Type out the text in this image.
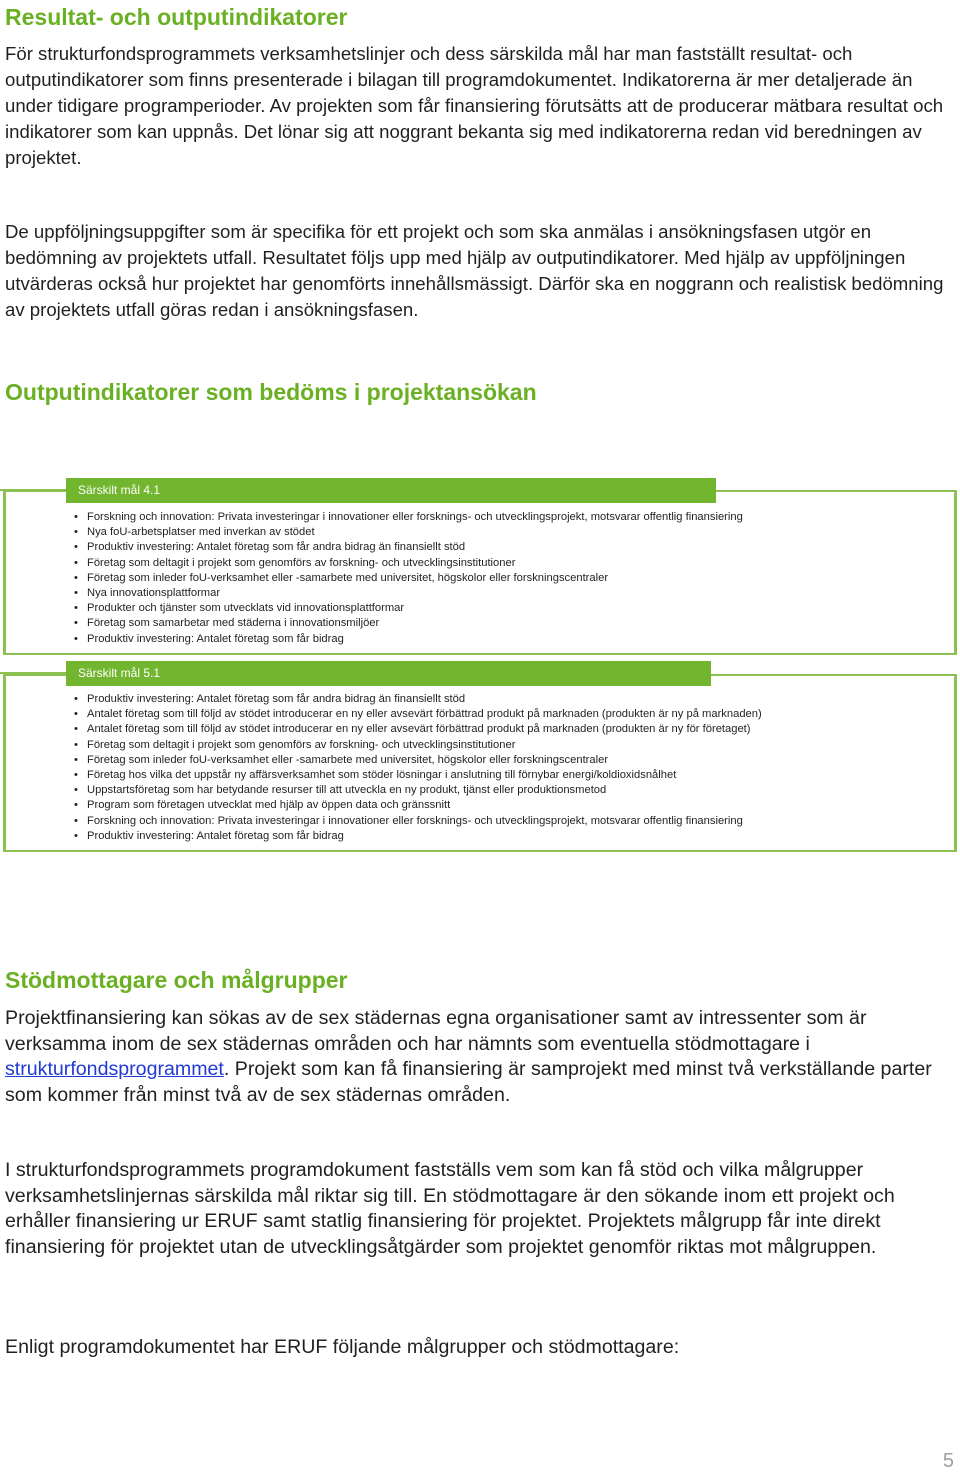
Resultat- och outputindikatorer

För strukturfondsprogrammets verksamhetslinjer och dess särskilda mål har man fastställt resultat- och outputindikatorer som finns presenterade i bilagan till programdokumentet. Indikatorerna är mer detaljerade än under tidigare programperioder. Av projekten som får finansiering förutsätts att de producerar mätbara resultat och indikatorer som kan uppnås. Det lönar sig att noggrant bekanta sig med indikatorerna redan vid beredningen av projektet.

De uppföljningsuppgifter som är specifika för ett projekt och som ska anmälas i ansökningsfasen utgör en bedömning av projektets utfall. Resultatet följs upp med hjälp av outputindikatorer. Med hjälp av uppföljningen utvärderas också hur projektet har genomförts innehållsmässigt. Därför ska en noggrann och realistisk bedömning av projektets utfall göras redan i ansökningsfasen.

Outputindikatorer som bedöms i projektansökan
Särskilt mål 4.1
• Forskning och innovation: Privata investeringar i innovationer eller forsknings- och utvecklingsprojekt, motsvarar offentlig finansiering
• Nya foU-arbetsplatser med inverkan av stödet
• Produktiv investering: Antalet företag som får andra bidrag än finansiellt stöd
• Företag som deltagit i projekt som genomförs av forskning- och utvecklingsinstitutioner
• Företag som inleder foU-verksamhet eller -samarbete med universitet, högskolor eller forskningscentraler
• Nya innovationsplattformar
• Produkter och tjänster som utvecklats vid innovationsplattformar
• Företag som samarbetar med städerna i innovationsmiljöer
• Produktiv investering: Antalet företag som får bidrag
Särskilt mål 5.1
• Produktiv investering: Antalet företag som får andra bidrag än finansiellt stöd
• Antalet företag som till följd av stödet introducerar en ny eller avsevärt förbättrad produkt på marknaden (produkten är ny på marknaden)
• Antalet företag som till följd av stödet introducerar en ny eller avsevärt förbättrad produkt på marknaden (produkten är ny för företaget)
• Företag som deltagit i projekt som genomförs av forskning- och utvecklingsinstitutioner
• Företag som inleder foU-verksamhet eller -samarbete med universitet, högskolor eller forskningscentraler
• Företag hos vilka det uppstår ny affärsverksamhet som stöder lösningar i anslutning till förnybar energi/koldioxidsnålhet
• Uppstartsföretag som har betydande resurser till att utveckla en ny produkt, tjänst eller produktionsmetod
• Program som företagen utvecklat med hjälp av öppen data och gränssnitt
• Forskning och innovation: Privata investeringar i innovationer eller forsknings- och utvecklingsprojekt, motsvarar offentlig finansiering
• Produktiv investering: Antalet företag som får bidrag
Stödmottagare och målgrupper

Projektfinansiering kan sökas av de sex städernas egna organisationer samt av intressenter som är verksamma inom de sex städernas områden och har nämnts som eventuella stödmottagare i strukturfondsprogrammet. Projekt som kan få finansiering är samprojekt med minst två verkställande parter som kommer från minst två av de sex städernas områden.

I strukturfondsprogrammets programdokument fastställs vem som kan få stöd och vilka målgrupper verksamhetslinjernas särskilda mål riktar sig till. En stödmottagare är den sökande inom ett projekt och erhåller finansiering ur ERUF samt statlig finansiering för projektet. Projektets målgrupp får inte direkt finansiering för projektet utan de utvecklingsåtgärder som projektet genomför riktas mot målgruppen.

Enligt programdokumentet har ERUF följande målgrupper och stödmottagare:

5
